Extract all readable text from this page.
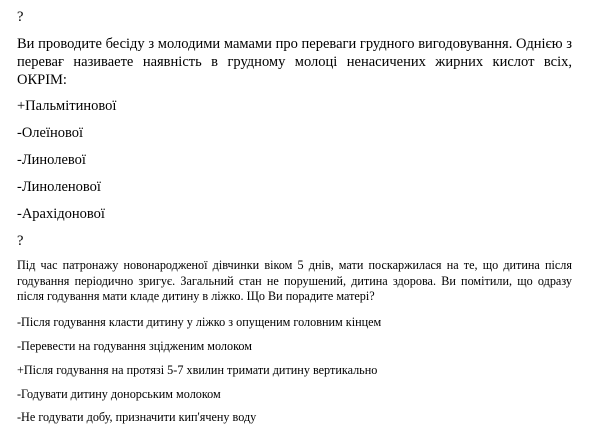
?

Ви проводите бесіду з молодими мамами про переваги грудного вигодовування. Однією з перевағ називаете наявність в грудному молоці ненасичених жирних кислот всіх, ОКРІМ:

+Пальмітинової

-Олеїнової

-Линолевої

-Линоленової

-Арахідонової

?

Під час патронажу новонародженої дівчинки віком 5 днів, мати поскаржилася на те, що дитина після годування періодично зригує. Загальний стан не порушений, дитина здорова. Ви помітили, що одразу після годування мати кладе дитину в ліжко. Що Ви порадите матері?

-Після годування класти дитину у ліжко з опущеним головним кінцем

-Перевести на годування зцідженим молоком

+Після годування на протязі 5-7 хвилин тримати дитину вертикально

-Годувати дитину донорським молоком

-Не годувати добу, призначити кип'ячену воду
